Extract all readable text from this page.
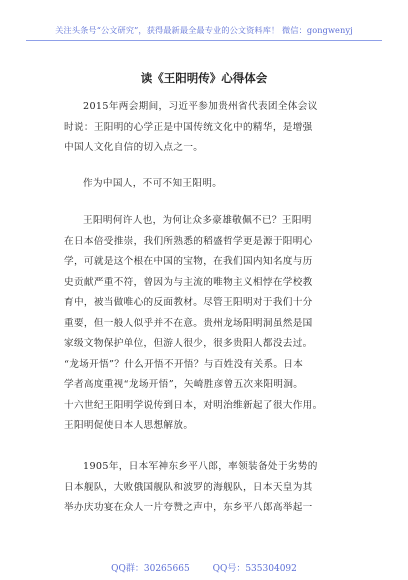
关注头条号“公文研究”，获得最新最全最专业的公文资料库！ 微信：gongwenyj
读《王阳明传》心得体会
2015年两会期间，习近平参加贵州省代表团全体会议
时说：王阳明的心学正是中国传统文化中的精华，是增强
中国人文化自信的切入点之一。
作为中国人，不可不知王阳明。
王阳明何许人也，为何让众多豪雄敬佩不已？王阳明
在日本倍受推崇，我们所熟悉的稻盛哲学更是源于阳明心
学，可就是这个根在中国的宝物，在我们国内知名度与历
史贡献严重不符，曾因为与主流的唯物主义相悖在学校教
育中，被当做唯心的反面教材。尽管王阳明对于我们十分
重要，但一般人似乎并不在意。贵州龙场阳明洞虽然是国
家级文物保护单位，但游人很少，很多贵阳人都没去过。
“龙场开悟”？什么开悟不开悟？与百姓没有关系。日本
学者高度重视“龙场开悟”，矢崎胜彦曾五次来阳明洞。
十六世纪王阳明学说传到日本，对明治维新起了很大作用。
王阳明促使日本人思想解放。
1905年，日本军神东乡平八郎，率领装备处于劣势的
日本舰队，大败俄国舰队和波罗的海舰队，日本天皇为其
举办庆功宴在众人一片夸赞之声中，东乡平八郎高举起一
QQ群：30265665	QQ号：535304092
